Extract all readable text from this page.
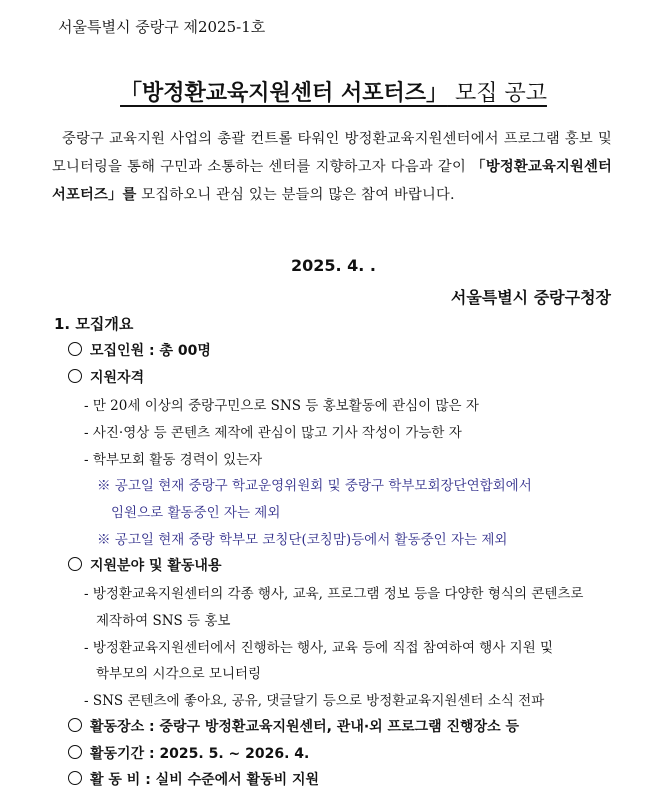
서울특별시 중랑구 제2025-1호
「방정환교육지원센터 서포터즈」 모집 공고
중랑구 교육지원 사업의 총괄 컨트롤 타워인 방정환교육지원센터에서 프로그램 홍보 및 모니터링을 통해 구민과 소통하는 센터를 지향하고자 다음과 같이 「방정환교육지원센터 서포터즈」를 모집하오니 관심 있는 분들의 많은 참여 바랍니다.
2025. 4. .
서울특별시 중랑구청장
1. 모집개요
모집인원 : 총 00명
지원자격
- 만 20세 이상의 중랑구민으로 SNS 등 홍보활동에 관심이 많은 자
- 사진·영상 등 콘텐츠 제작에 관심이 많고 기사 작성이 가능한 자
- 학부모회 활동 경력이 있는자
※ 공고일 현재 중랑구 학교운영위원회 및 중랑구 학부모회장단연합회에서
임원으로 활동중인 자는 제외
※ 공고일 현재 중랑 학부모 코칭단(코칭맘)등에서 활동중인 자는 제외
지원분야 및 활동내용
- 방정환교육지원센터의 각종 행사, 교육, 프로그램 정보 등을 다양한 형식의 콘텐츠로
제작하여 SNS 등 홍보
- 방정환교육지원센터에서 진행하는 행사, 교육 등에 직접 참여하여 행사 지원 및
학부모의 시각으로 모니터링
- SNS 콘텐츠에 좋아요, 공유, 댓글달기 등으로 방정환교육지원센터 소식 전파
활동장소 : 중랑구 방정환교육지원센터, 관내·외 프로그램 진행장소 등
활동기간 : 2025. 5. ~ 2026. 4.
활 동 비 : 실비 수준에서 활동비 지원
